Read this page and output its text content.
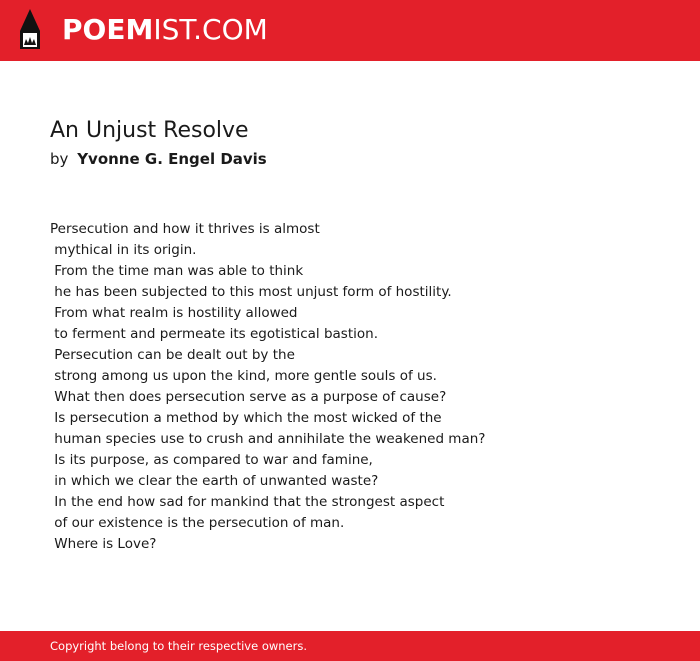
POEMIST.COM
An Unjust Resolve
by Yvonne G. Engel Davis
Persecution and how it thrives is almost
mythical in its origin.
From the time man was able to think
he has been subjected to this most unjust form of hostility.
From what realm is hostility allowed
to ferment and permeate its egotistical bastion.
Persecution can be dealt out by the
strong among us upon the kind, more gentle souls of us.
What then does persecution serve as a purpose of cause?
Is persecution a method by which the most wicked of the
human species use to crush and annihilate the weakened man?
Is its purpose, as compared to war and famine,
in which we clear the earth of unwanted waste?
In the end how sad for mankind that the strongest aspect
of our existence is the persecution of man.
Where is Love?
Copyright belong to their respective owners.
